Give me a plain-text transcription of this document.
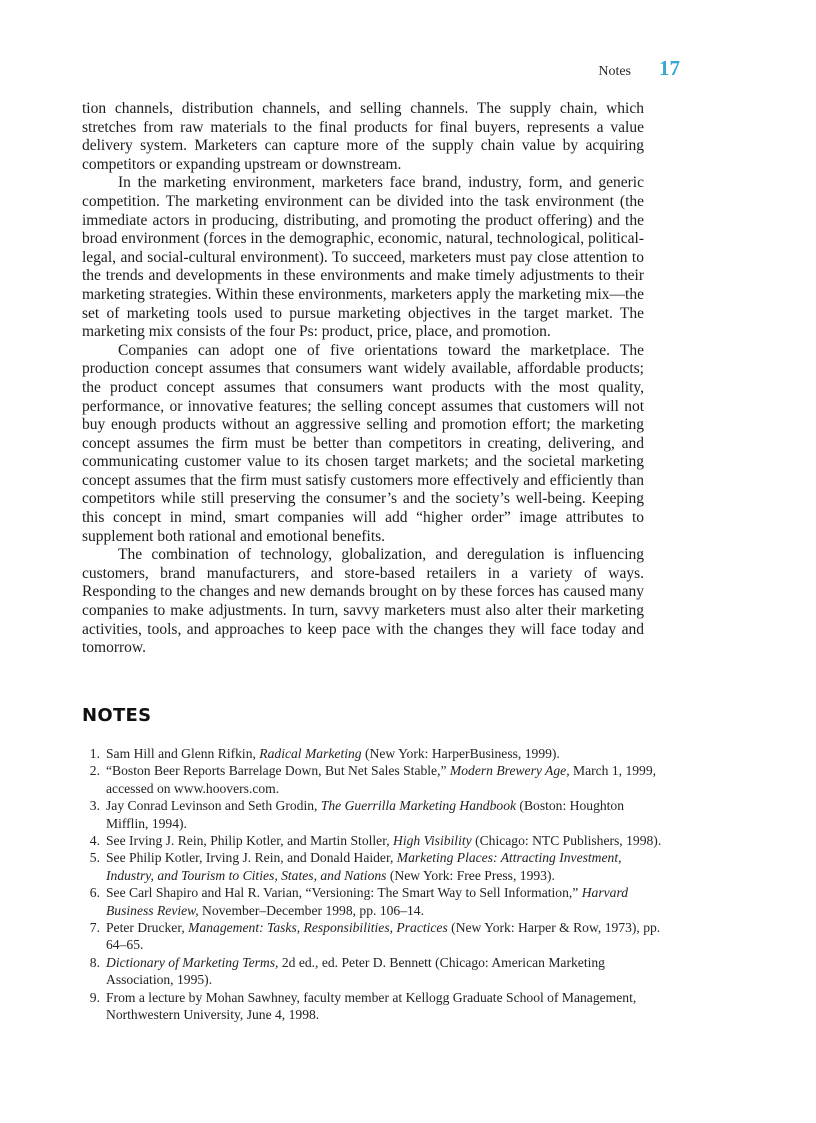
Notes 17

tion channels, distribution channels, and selling channels. The supply chain, which stretches from raw materials to the final products for final buyers, represents a value delivery system. Marketers can capture more of the supply chain value by acquiring competitors or expanding upstream or downstream.

In the marketing environment, marketers face brand, industry, form, and generic competition. The marketing environment can be divided into the task environment (the immediate actors in producing, distributing, and promoting the product offering) and the broad environment (forces in the demographic, economic, natural, technological, political-legal, and social-cultural environment). To succeed, marketers must pay close attention to the trends and developments in these environments and make timely adjustments to their marketing strategies. Within these environments, marketers apply the marketing mix—the set of marketing tools used to pursue marketing objectives in the target market. The marketing mix consists of the four Ps: product, price, place, and promotion.

Companies can adopt one of five orientations toward the marketplace. The production concept assumes that consumers want widely available, affordable products; the product concept assumes that consumers want products with the most quality, performance, or innovative features; the selling concept assumes that customers will not buy enough products without an aggressive selling and promotion effort; the marketing concept assumes the firm must be better than competitors in creating, delivering, and communicating customer value to its chosen target markets; and the societal marketing concept assumes that the firm must satisfy customers more effectively and efficiently than competitors while still preserving the consumer’s and the society’s well-being. Keeping this concept in mind, smart companies will add “higher order” image attributes to supplement both rational and emotional benefits.

The combination of technology, globalization, and deregulation is influencing customers, brand manufacturers, and store-based retailers in a variety of ways. Responding to the changes and new demands brought on by these forces has caused many companies to make adjustments. In turn, savvy marketers must also alter their marketing activities, tools, and approaches to keep pace with the changes they will face today and tomorrow.

NOTES
1. Sam Hill and Glenn Rifkin, Radical Marketing (New York: HarperBusiness, 1999).
2. “Boston Beer Reports Barrelage Down, But Net Sales Stable,” Modern Brewery Age, March 1, 1999, accessed on www.hoovers.com.
3. Jay Conrad Levinson and Seth Grodin, The Guerrilla Marketing Handbook (Boston: Houghton Mifflin, 1994).
4. See Irving J. Rein, Philip Kotler, and Martin Stoller, High Visibility (Chicago: NTC Publishers, 1998).
5. See Philip Kotler, Irving J. Rein, and Donald Haider, Marketing Places: Attracting Investment, Industry, and Tourism to Cities, States, and Nations (New York: Free Press, 1993).
6. See Carl Shapiro and Hal R. Varian, “Versioning: The Smart Way to Sell Information,” Harvard Business Review, November–December 1998, pp. 106–14.
7. Peter Drucker, Management: Tasks, Responsibilities, Practices (New York: Harper & Row, 1973), pp. 64–65.
8. Dictionary of Marketing Terms, 2d ed., ed. Peter D. Bennett (Chicago: American Marketing Association, 1995).
9. From a lecture by Mohan Sawhney, faculty member at Kellogg Graduate School of Management, Northwestern University, June 4, 1998.
